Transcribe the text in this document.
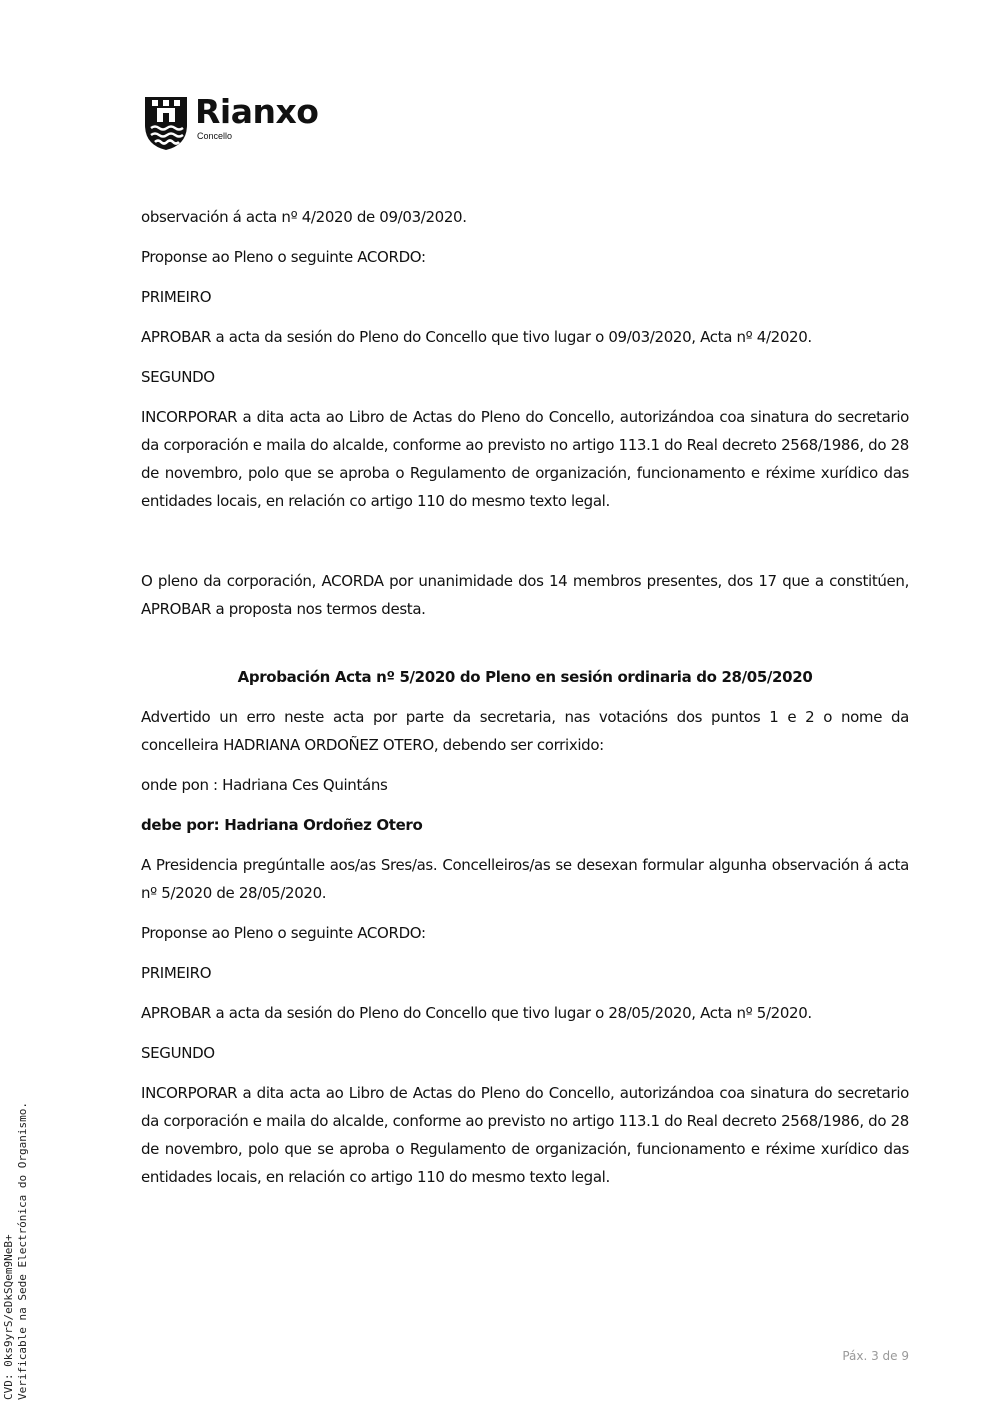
Rianxo
Concello

observación á acta nº 4/2020 de 09/03/2020.

Proponse ao Pleno o seguinte ACORDO:

PRIMEIRO

APROBAR a acta da sesión do Pleno do Concello que tivo lugar o 09/03/2020, Acta nº 4/2020.

SEGUNDO

INCORPORAR a dita acta ao Libro de Actas do Pleno do Concello, autorizándoa coa sinatura do secretario da corporación e maila do alcalde, conforme ao previsto no artigo 113.1 do Real decreto 2568/1986, do 28 de novembro, polo que se aproba o Regulamento de organización, funcionamento e réxime xurídico das entidades locais, en relación co artigo 110 do mesmo texto legal.

O pleno da corporación, ACORDA por unanimidade dos 14 membros presentes, dos 17 que a constitúen, APROBAR a proposta nos termos desta.

Aprobación Acta nº 5/2020 do Pleno en sesión ordinaria do 28/05/2020

Advertido un erro neste acta por parte da secretaria, nas votacións dos puntos 1 e 2 o nome da concelleira HADRIANA ORDOÑEZ OTERO, debendo ser corrixido:

onde pon : Hadriana Ces Quintáns

debe por: Hadriana Ordoñez Otero

A Presidencia pregúntalle aos/as Sres/as. Concelleiros/as se desexan formular algunha observación á acta nº 5/2020 de 28/05/2020.

Proponse ao Pleno o seguinte ACORDO:

PRIMEIRO

APROBAR a acta da sesión do Pleno do Concello que tivo lugar o 28/05/2020, Acta nº 5/2020.

SEGUNDO

INCORPORAR a dita acta ao Libro de Actas do Pleno do Concello, autorizándoa coa sinatura do secretario da corporación e maila do alcalde, conforme ao previsto no artigo 113.1 do Real decreto 2568/1986, do 28 de novembro, polo que se aproba o Regulamento de organización, funcionamento e réxime xurídico das entidades locais, en relación co artigo 110 do mesmo texto legal.

Páx. 3 de 9
CVD: 0ks9yrS/eDkSQem9NeB+ Verificable na Sede Electrónica do Organismo.
